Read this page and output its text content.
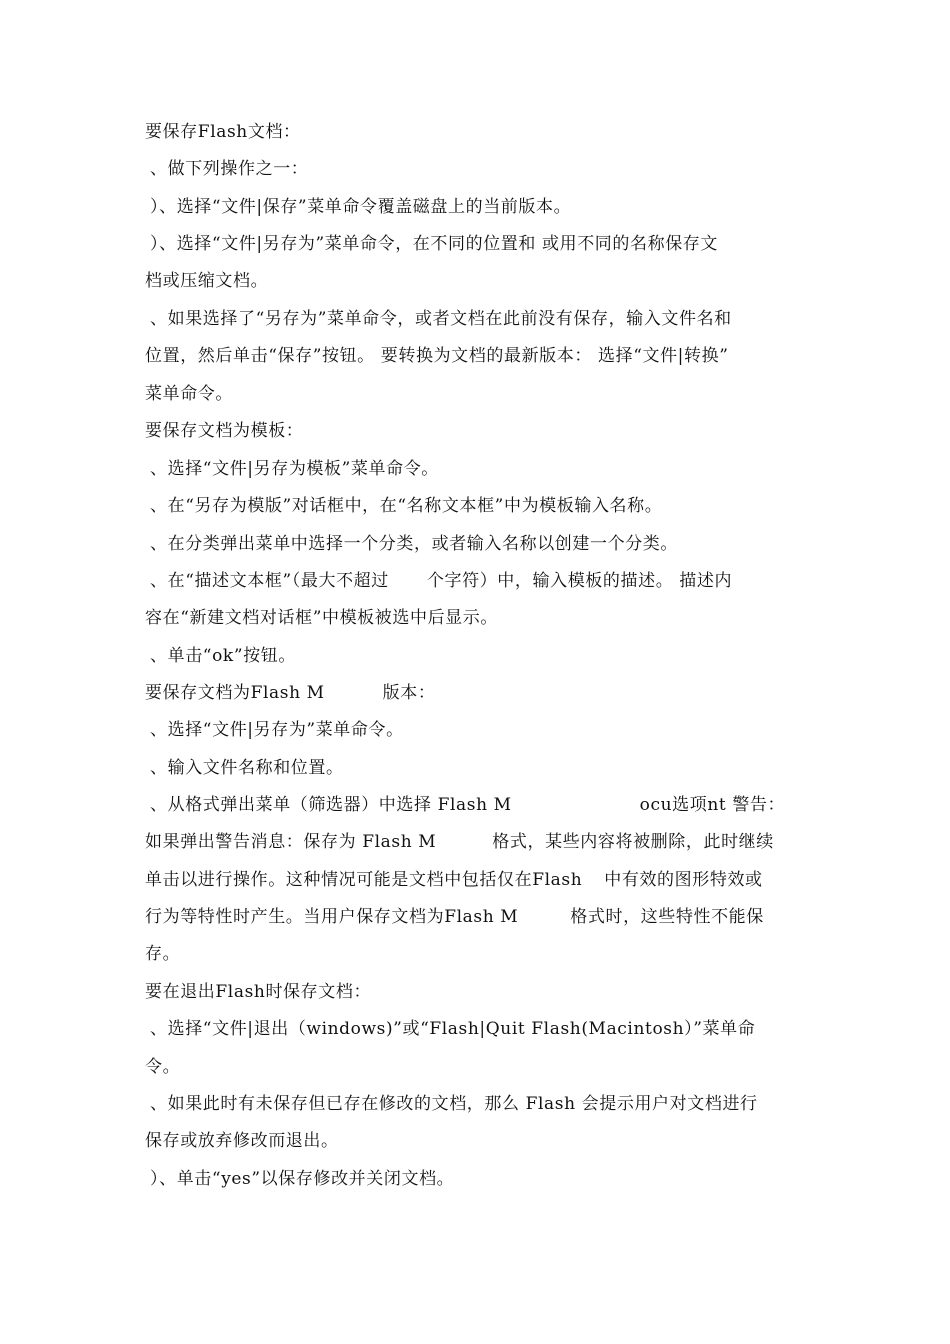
要保存Flash文档：
、做下列操作之一：
）、选择“文件|保存”菜单命令覆盖磁盘上的当前版本。
）、选择“文件|另存为”菜单命令，在不同的位置和 或用不同的名称保存文
档或压缩文档。
、如果选择了“另存为”菜单命令，或者文档在此前没有保存，输入文件名和
位置，然后单击“保存”按钮。 要转换为文档的最新版本： 选择“文件|转换”
菜单命令。
要保存文档为模板：
、选择“文件|另存为模板”菜单命令。
、在“另存为模版”对话框中，在“名称文本框”中为模板输入名称。
、在分类弹出菜单中选择一个分类，或者输入名称以创建一个分类。
、在“描述文本框”（最大不超过 个字符）中，输入模板的描述。 描述内
容在“新建文档对话框”中模板被选中后显示。
、单击“ok”按钮。
要保存文档为Flash M	版本：
、选择“文件|另存为”菜单命令。
、输入文件名称和位置。
、从格式弹出菜单（筛选器）中选择 Flash M	ocu选项nt 警告：
如果弹出警告消息：保存为 Flash M	格式，某些内容将被删除，此时继续
单击以进行操作。这种情况可能是文档中包括仅在Flash 中有效的图形特效或
行为等特性时产生。当用户保存文档为Flash M	格式时，这些特性不能保
存。
要在退出Flash时保存文档：
、选择“文件|退出（windows)”或“Flash|Quit Flash(Macintosh）”菜单命
令。
、如果此时有未保存但已存在修改的文档，那么 Flash 会提示用户对文档进行
保存或放弃修改而退出。
）、单击“yes”以保存修改并关闭文档。
